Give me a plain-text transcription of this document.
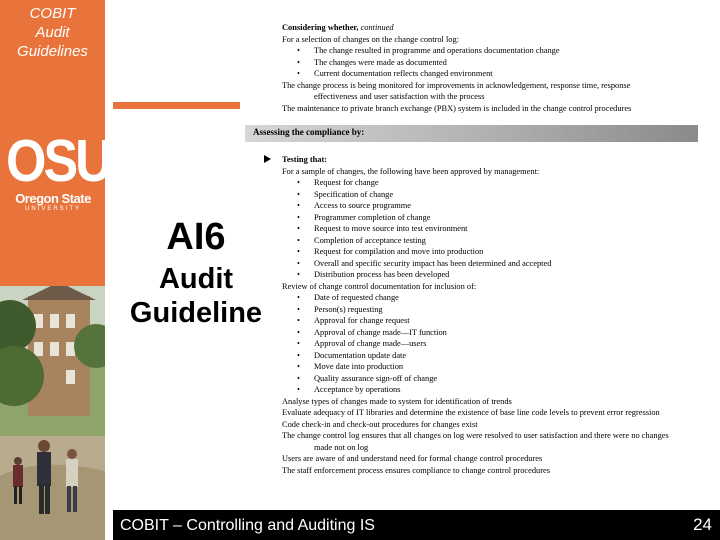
COBIT
Audit
Guidelines
OSU
Oregon State
UNIVERSITY
AI6
Audit Guideline
Assessing the compliance by:
Considering whether, continued
For a selection of changes on the change control log:
• The change resulted in programme and operations documentation change
• The changes were made as documented
• Current documentation reflects changed environment
The change process is being monitored for improvements in acknowledgement, response time, response
effectiveness and user satisfaction with the process
The maintenance to private branch exchange (PBX) system is included in the change control procedures
Testing that:
For a sample of changes, the following have been approved by management:
• Request for change
• Specification of change
• Access to source programme
• Programmer completion of change
• Request to move source into test environment
• Completion of acceptance testing
• Request for compilation and move into production
• Overall and specific security impact has been determined and accepted
• Distribution process has been developed
Review of change control documentation for inclusion of:
• Date of requested change
• Person(s) requesting
• Approval for change request
• Approval of change made—IT function
• Approval of change made—users
• Documentation update date
• Move date into production
• Quality assurance sign-off of change
• Acceptance by operations
Analyse types of changes made to system for identification of trends
Evaluate adequacy of IT libraries and determine the existence of base line code levels to prevent error regression
Code check-in and check-out procedures for changes exist
The change control log ensures that all changes on log were resolved to user satisfaction and there were no changes
made not on log
Users are aware of and understand need for formal change control procedures
The staff enforcement process ensures compliance to change control procedures
COBIT – Controlling and Auditing IS	24
